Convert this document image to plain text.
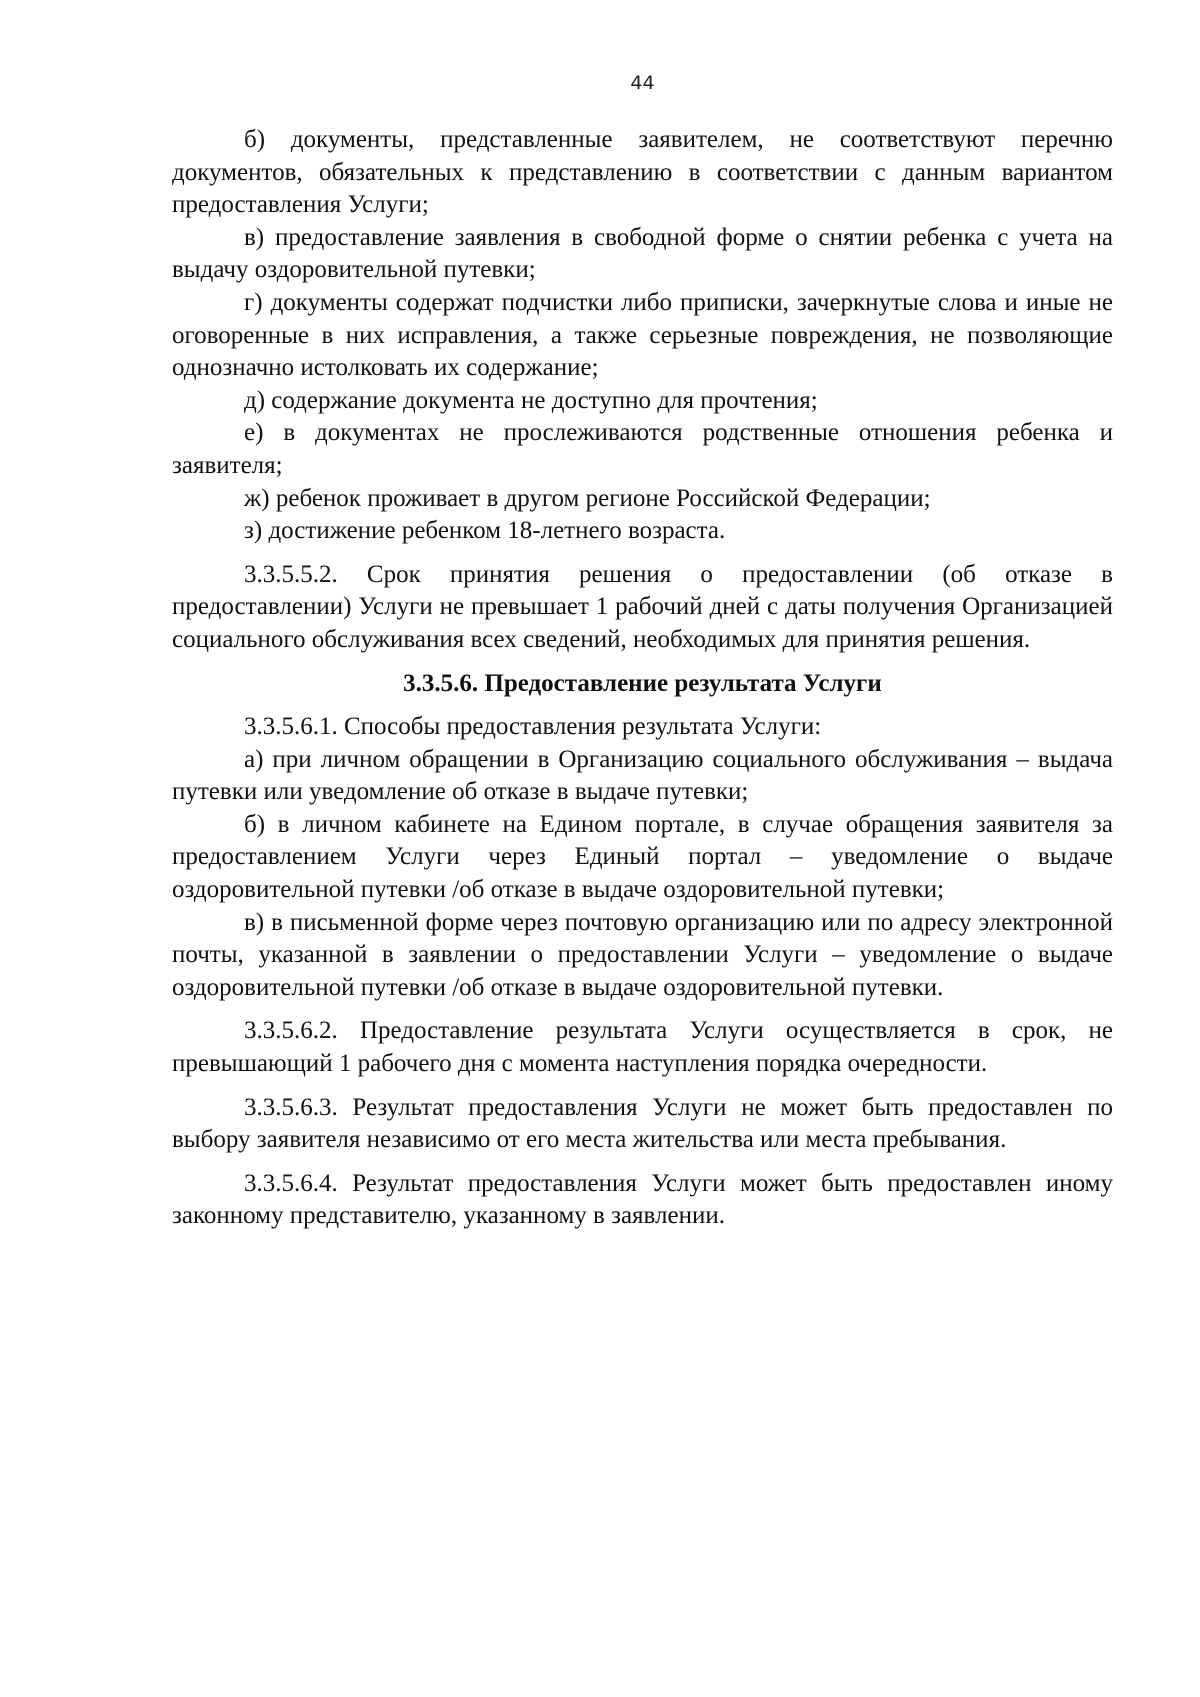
44

б) документы, представленные заявителем, не соответствуют перечню документов, обязательных к представлению в соответствии с данным вариантом предоставления Услуги;

в) предоставление заявления в свободной форме о снятии ребенка с учета на выдачу оздоровительной путевки;

г) документы содержат подчистки либо приписки, зачеркнутые слова и иные не оговоренные в них исправления, а также серьезные повреждения, не позволяющие однозначно истолковать их содержание;

д) содержание документа не доступно для прочтения;

е) в документах не прослеживаются родственные отношения ребенка и заявителя;

ж) ребенок проживает в другом регионе Российской Федерации;

з) достижение ребенком 18-летнего возраста.

3.3.5.5.2. Срок принятия решения о предоставлении (об отказе в предоставлении) Услуги не превышает 1 рабочий дней с даты получения Организацией социального обслуживания всех сведений, необходимых для принятия решения.

3.3.5.6. Предоставление результата Услуги

3.3.5.6.1. Способы предоставления результата Услуги:

а) при личном обращении в Организацию социального обслуживания – выдача путевки или уведомление об отказе в выдаче путевки;

б) в личном кабинете на Едином портале, в случае обращения заявителя за предоставлением Услуги через Единый портал – уведомление о выдаче оздоровительной путевки /об отказе в выдаче оздоровительной путевки;

в) в письменной форме через почтовую организацию или по адресу электронной почты, указанной в заявлении о предоставлении Услуги – уведомление о выдаче оздоровительной путевки /об отказе в выдаче оздоровительной путевки.

3.3.5.6.2. Предоставление результата Услуги осуществляется в срок, не превышающий 1 рабочего дня с момента наступления порядка очередности.

3.3.5.6.3. Результат предоставления Услуги не может быть предоставлен по выбору заявителя независимо от его места жительства или места пребывания.

3.3.5.6.4. Результат предоставления Услуги может быть предоставлен иному законному представителю, указанному в заявлении.
